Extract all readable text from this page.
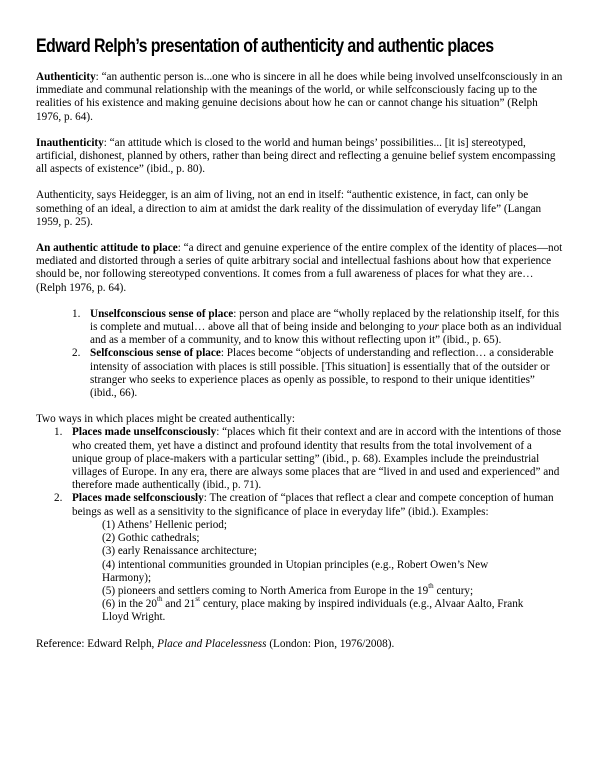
Edward Relph’s presentation of authenticity and authentic places

Authenticity: “an authentic person is...one who is sincere in all he does while being involved unselfconsciously in an immediate and communal relationship with the meanings of the world, or while selfconsciously facing up to the realities of his existence and making genuine decisions about how he can or cannot change his situation” (Relph 1976, p. 64).

Inauthenticity: “an attitude which is closed to the world and human beings’ possibilities... [it is] stereotyped, artificial, dishonest, planned by others, rather than being direct and reflecting a genuine belief system encompassing all aspects of existence” (ibid., p. 80).

Authenticity, says Heidegger, is an aim of living, not an end in itself: “authentic existence, in fact, can only be something of an ideal, a direction to aim at amidst the dark reality of the dissimulation of everyday life” (Langan 1959, p. 25).

An authentic attitude to place: “a direct and genuine experience of the entire complex of the identity of places—not mediated and distorted through a series of quite arbitrary social and intellectual fashions about how that experience should be, nor following stereotyped conventions. It comes from a full awareness of places for what they are… (Relph 1976, p. 64).

1. Unselfconscious sense of place: person and place are “wholly replaced by the relationship itself, for this is complete and mutual… above all that of being inside and belonging to your place both as an individual and as a member of a community, and to know this without reflecting upon it” (ibid., p. 65).
2. Selfconscious sense of place: Places become “objects of understanding and reflection… a considerable intensity of association with places is still possible. [This situation] is essentially that of the outsider or stranger who seeks to experience places as openly as possible, to respond to their unique identities” (ibid., 66).
Two ways in which places might be created authentically:
1. Places made unselfconsciously: “places which fit their context and are in accord with the intentions of those who created them, yet have a distinct and profound identity that results from the total involvement of a unique group of place-makers with a particular setting” (ibid., p. 68). Examples include the preindustrial villages of Europe. In any era, there are always some places that are “lived in and used and experienced” and therefore made authentically (ibid., p. 71).
2. Places made selfconsciously: The creation of “places that reflect a clear and compete conception of human beings as well as a sensitivity to the significance of place in everyday life” (ibid.). Examples:
(1) Athens’ Hellenic period;
(2) Gothic cathedrals;
(3) early Renaissance architecture;
(4) intentional communities grounded in Utopian principles (e.g., Robert Owen’s New
Harmony);
(5) pioneers and settlers coming to North America from Europe in the 19th century;
(6) in the 20th and 21st century, place making by inspired individuals (e.g., Alvaar Aalto, Frank
Lloyd Wright.

Reference: Edward Relph, Place and Placelessness (London: Pion, 1976/2008).
